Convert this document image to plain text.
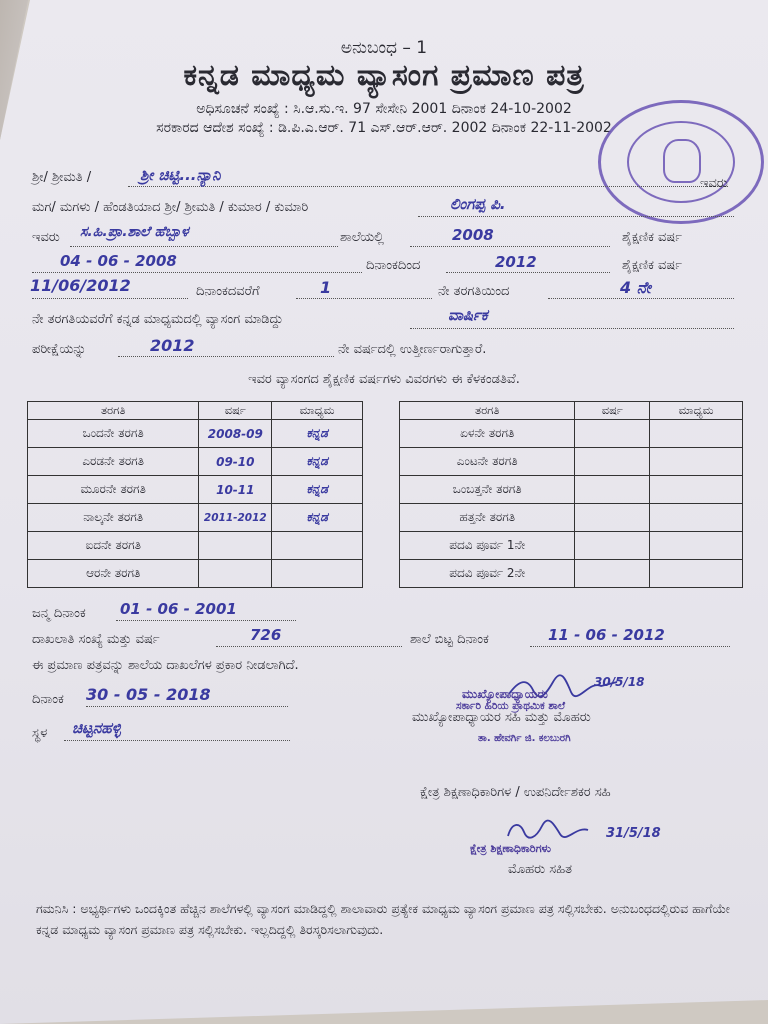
ಅನುಬಂಧ – 1
ಕನ್ನಡ ಮಾಧ್ಯಮ ವ್ಯಾಸಂಗ ಪ್ರಮಾಣ ಪತ್ರ
ಅಧಿಸೂಚನೆ ಸಂಖ್ಯೆ : ಸಿ.ಆ.ಸು.ಇ. 97 ಸೇಸೇನಿ 2001 ದಿನಾಂಕ 24-10-2002
ಸರಕಾರದ ಆದೇಶ ಸಂಖ್ಯೆ : ಡಿ.ಪಿ.ಎ.ಆರ್. 71 ಎಸ್.ಆರ್.ಆರ್. 2002 ದಿನಾಂಕ 22-11-2002
ಶ್ರೀ/ ಶ್ರೀಮತಿ /	ಶ್ರೀ ಚಿಟ್ಟಿ...ನ್ಯಾನಿ	ಇವರು
ಮಗ/ ಮಗಳು / ಹೆಂಡತಿಯಾದ ಶ್ರೀ/ ಶ್ರೀಮತಿ / ಕುಮಾರ / ಕುಮಾರಿ	ಲಿಂಗಪ್ಪ ಪಿ.
ಇವರು ಸ.ಹಿ.ಪ್ರಾ.ಶಾಲೆ ಹೆಬ್ಬಾಳ	ಶಾಲೆಯಲ್ಲಿ	2008	ಶೈಕ್ಷಣಿಕ ವರ್ಷ
04 - 06 - 2008	ದಿನಾಂಕದಿಂದ	2012	ಶೈಕ್ಷಣಿಕ ವರ್ಷ
11/06/2012	ದಿನಾಂಕದವರೆಗೆ	1	ನೇ ತರಗತಿಯಿಂದ	4 ನೇ
ನೇ ತರಗತಿಯವರೆಗೆ ಕನ್ನಡ ಮಾಧ್ಯಮದಲ್ಲಿ ವ್ಯಾಸಂಗ ಮಾಡಿದ್ದು	ವಾರ್ಷಿಕ
ಪರೀಕ್ಷೆಯನ್ನು	2012	ನೇ ವರ್ಷದಲ್ಲಿ ಉತ್ತೀರ್ಣರಾಗುತ್ತಾರೆ.
ಇವರ ವ್ಯಾಸಂಗದ ಶೈಕ್ಷಣಿಕ ವರ್ಷಗಳು ವಿವರಗಳು ಈ ಕೆಳಕಂಡತಿವೆ.
ತರಗತಿ	ವರ್ಷ	ಮಾಧ್ಯಮ
ಒಂದನೇ ತರಗತಿ	2008-09	ಕನ್ನಡ
ಎರಡನೇ ತರಗತಿ	09-10	ಕನ್ನಡ
ಮೂರನೇ ತರಗತಿ	10-11	ಕನ್ನಡ
ನಾಲ್ಕನೇ ತರಗತಿ	2011-2012	ಕನ್ನಡ
ಐದನೇ ತರಗತಿ		
ಆರನೇ ತರಗತಿ		
ತರಗತಿ	ವರ್ಷ	ಮಾಧ್ಯಮ
ಏಳನೇ ತರಗತಿ		
ಎಂಟನೇ ತರಗತಿ		
ಒಂಬತ್ತನೇ ತರಗತಿ		
ಹತ್ತನೇ ತರಗತಿ		
ಪದವಿ ಪೂರ್ವ 1ನೇ		
ಪದವಿ ಪೂರ್ವ 2ನೇ		
ಜನ್ಮ ದಿನಾಂಕ 01 - 06 - 2001
ದಾಖಲಾತಿ ಸಂಖ್ಯೆ ಮತ್ತು ವರ್ಷ	726	ಶಾಲೆ ಬಿಟ್ಟ ದಿನಾಂಕ	11 - 06 - 2012
ಈ ಪ್ರಮಾಣ ಪತ್ರವನ್ನು ಶಾಲೆಯ ದಾಖಲೆಗಳ ಪ್ರಕಾರ ನೀಡಲಾಗಿದೆ.
ದಿನಾಂಕ 30 - 05 - 2018
ಸ್ಥಳ ಚಿಟ್ಟನಹಳ್ಳಿ
30/5/18
ಮುಖ್ಯೋಪಾಧ್ಯಾಯರು
ಸರ್ಕಾರಿ ಹಿರಿಯ ಪ್ರಾಥಮಿಕ ಶಾಲೆ
ಮುಖ್ಯೋಪಾಧ್ಯಾಯರ ಸಹಿ ಮತ್ತು ಮೊಹರು
ತಾ. ಹೇವರ್ಗಿ ಜಿ. ಕಲಬುರಗಿ
ಕ್ಷೇತ್ರ ಶಿಕ್ಷಣಾಧಿಕಾರಿಗಳ / ಉಪನಿರ್ದೇಶಕರ ಸಹಿ
31/5/18
ಕ್ಷೇತ್ರ ಶಿಕ್ಷಣಾಧಿಕಾರಿಗಳು
ಮೊಹರು ಸಹಿತ
ಗಮನಿಸಿ : ಅಭ್ಯರ್ಥಿಗಳು ಒಂದಕ್ಕಿಂತ ಹೆಚ್ಚಿನ ಶಾಲೆಗಳಲ್ಲಿ ವ್ಯಾಸಂಗ ಮಾಡಿದ್ದಲ್ಲಿ ಶಾಲಾವಾರು ಪ್ರತ್ಯೇಕ ಮಾಧ್ಯಮ ವ್ಯಾಸಂಗ ಪ್ರಮಾಣ ಪತ್ರ ಸಲ್ಲಿಸಬೇಕು. ಅನುಬಂಧದಲ್ಲಿರುವ ಹಾಗೆಯೇ ಕನ್ನಡ ಮಾಧ್ಯಮ ವ್ಯಾಸಂಗ ಪ್ರಮಾಣ ಪತ್ರ ಸಲ್ಲಿಸಬೇಕು. ಇಲ್ಲದಿದ್ದಲ್ಲಿ ತಿರಸ್ಕರಿಸಲಾಗುವುದು.
